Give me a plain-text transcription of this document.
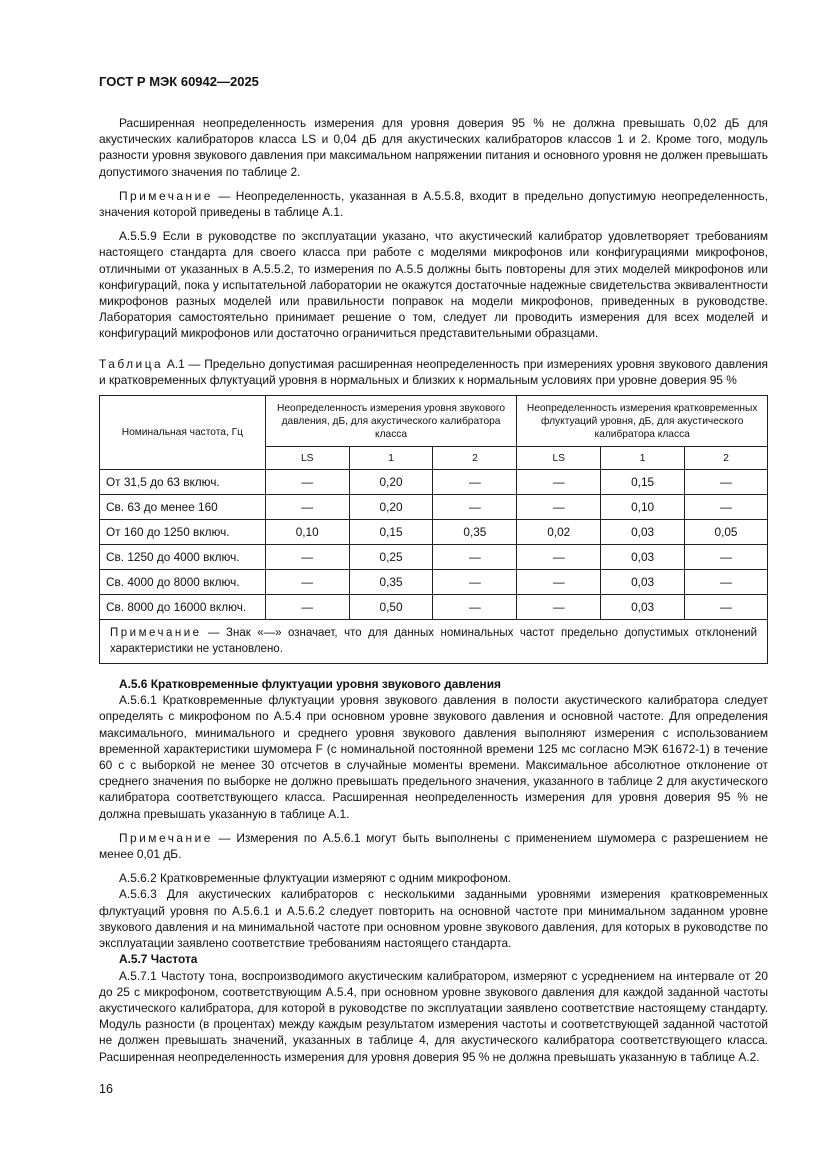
ГОСТ Р МЭК 60942—2025

Расширенная неопределенность измерения для уровня доверия 95 % не должна превышать 0,02 дБ для акустических калибраторов класса LS и 0,04 дБ для акустических калибраторов классов 1 и 2. Кроме того, модуль разности уровня звукового давления при максимальном напряжении питания и основного уровня не должен превышать допустимого значения по таблице 2.

Примечание — Неопределенность, указанная в А.5.5.8, входит в предельно допустимую неопределенность, значения которой приведены в таблице А.1.

А.5.5.9 Если в руководстве по эксплуатации указано, что акустический калибратор удовлетворяет требованиям настоящего стандарта для своего класса при работе с моделями микрофонов или конфигурациями микрофонов, отличными от указанных в А.5.5.2, то измерения по А.5.5 должны быть повторены для этих моделей микрофонов или конфигураций, пока у испытательной лаборатории не окажутся достаточные надежные свидетельства эквивалентности микрофонов разных моделей или правильности поправок на модели микрофонов, приведенных в руководстве. Лаборатория самостоятельно принимает решение о том, следует ли проводить измерения для всех моделей и конфигураций микрофонов или достаточно ограничиться представительными образцами.

Таблица А.1 — Предельно допустимая расширенная неопределенность при измерениях уровня звукового давления и кратковременных флуктуаций уровня в нормальных и близких к нормальным условиях при уровне доверия 95 %
Номинальная частота, Гц	Неопределенность измерения уровня звукового давления, дБ, для акустического калибратора класса			Неопределенность измерения кратковременных флуктуаций уровня, дБ, для акустического калибратора класса		
	LS	1	2	LS	1	2
От 31,5 до 63 включ.	—	0,20	—	—	0,15	—
Св. 63 до менее 160	—	0,20	—	—	0,10	—
От 160 до 1250 включ.	0,10	0,15	0,35	0,02	0,03	0,05
Св. 1250 до 4000 включ.	—	0,25	—	—	0,03	—
Св. 4000 до 8000 включ.	—	0,35	—	—	0,03	—
Св. 8000 до 16000 включ.	—	0,50	—	—	0,03	—
Примечание — Знак «—» означает, что для данных номинальных частот предельно допустимых отклонений характеристики не установлено.						
А.5.6 Кратковременные флуктуации уровня звукового давления

А.5.6.1 Кратковременные флуктуации уровня звукового давления в полости акустического калибратора следует определять с микрофоном по А.5.4 при основном уровне звукового давления и основной частоте. Для определения максимального, минимального и среднего уровня звукового давления выполняют измерения с использованием временной характеристики шумомера F (с номинальной постоянной времени 125 мс согласно МЭК 61672-1) в течение 60 с с выборкой не менее 30 отсчетов в случайные моменты времени. Максимальное абсолютное отклонение от среднего значения по выборке не должно превышать предельного значения, указанного в таблице 2 для акустического калибратора соответствующего класса. Расширенная неопределенность измерения для уровня доверия 95 % не должна превышать указанную в таблице А.1.

Примечание — Измерения по А.5.6.1 могут быть выполнены с применением шумомера с разрешением не менее 0,01 дБ.

А.5.6.2 Кратковременные флуктуации измеряют с одним микрофоном.

А.5.6.3 Для акустических калибраторов с несколькими заданными уровнями измерения кратковременных флуктуаций уровня по А.5.6.1 и А.5.6.2 следует повторить на основной частоте при минимальном заданном уровне звукового давления и на минимальной частоте при основном уровне звукового давления, для которых в руководстве по эксплуатации заявлено соответствие требованиям настоящего стандарта.

А.5.7 Частота

А.5.7.1 Частоту тона, воспроизводимого акустическим калибратором, измеряют с усреднением на интервале от 20 до 25 с микрофоном, соответствующим А.5.4, при основном уровне звукового давления для каждой заданной частоты акустического калибратора, для которой в руководстве по эксплуатации заявлено соответствие настоящему стандарту. Модуль разности (в процентах) между каждым результатом измерения частоты и соответствующей заданной частотой не должен превышать значений, указанных в таблице 4, для акустического калибратора соответствующего класса. Расширенная неопределенность измерения для уровня доверия 95 % не должна превышать указанную в таблице А.2.

16
